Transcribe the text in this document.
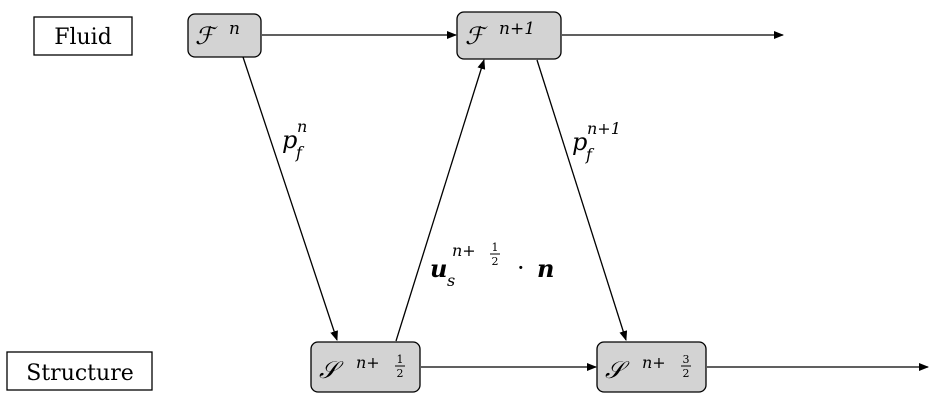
Fluid
Structure
ℱ n	ℱ n+1
𝒮	n+ 1
2	𝒮	n+ 3
2
p n
f	p n+1
f
u s
n+ 1
2 · n
